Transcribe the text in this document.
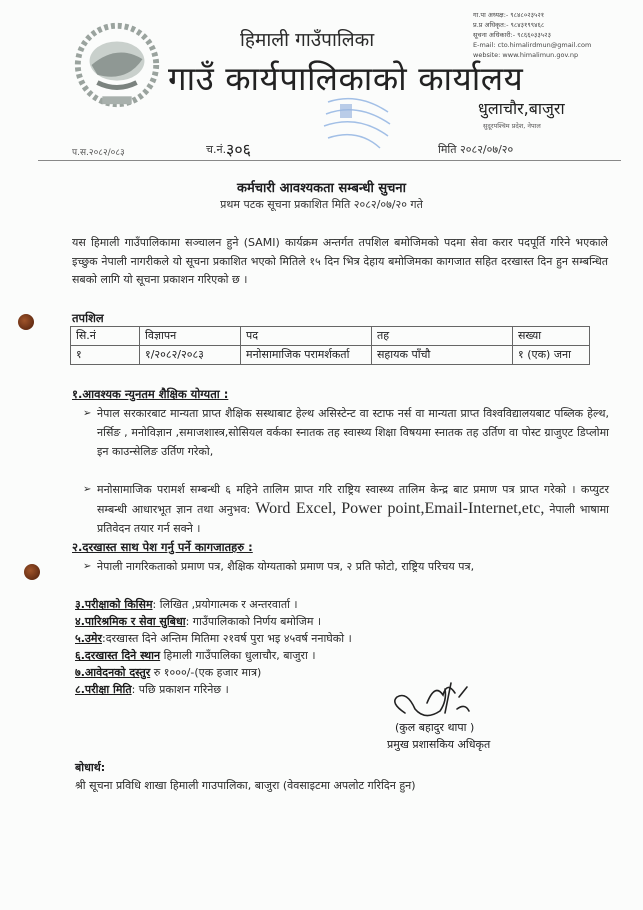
हिमाली गाउँपालिका
गाउँ कार्यपालिकाको कार्यालय
गा.पा अध्यक्ष:- ९८४८०२३५२१
प्र.प्र अधिकृत:- ९८४३१९९४६८
सूचना अधिकारी:- ९८६६०३३५२३
E-mail: cto.himalirdmun@gmail.com
website: www.himalimun.gov.np
धुलाचौर,बाजुरा
सुदूरपश्चिम प्रदेश, नेपाल
प.स.२०८२/०८३	च.नं. ३०६	मिति २०८२/०७/२०
कर्मचारी आवश्यकता सम्बन्धी सुचना
प्रथम पटक सूचना प्रकाशित मिति २०८२/०७/२० गते
यस हिमाली गाउँपालिकामा सञ्चालन हुने (SAMI) कार्यक्रम अन्तर्गत तपशिल बमोजिमको पदमा सेवा करार पदपूर्ति गरिने भएकाले इच्छुक नेपाली नागरीकले यो सूचना प्रकाशित भएको मितिले १५ दिन भित्र देहाय बमोजिमका कागजात सहित दरखास्त दिन हुन सम्बन्धित सबको लागि यो सूचना प्रकाशन गरिएको छ ।
तपशिल
सि.नं	विज्ञापन	पद	तह	सख्या
१	१/२०८२/२०८३	मनोसामाजिक परामर्शकर्ता	सहायक पाँचौ	१ (एक) जना
१.आवश्यक न्युनतम शैक्षिक योग्यता :
➢ नेपाल सरकारबाट मान्यता प्राप्त शैक्षिक सस्थाबाट हेल्थ असिस्टेन्ट वा स्टाफ नर्स वा मान्यता प्राप्त विश्वविद्यालयबाट पब्लिक हेल्थ, नर्सिङ , मनोविज्ञान ,समाजशास्त्र,सोसियल वर्कका स्नातक तह स्वास्थ्य शिक्षा विषयमा स्नातक तह उर्तिण वा पोस्ट ग्राजुएट डिप्लोमा इन काउन्सेलिङ उर्तिण गरेको,
➢ मनोसामाजिक परामर्श सम्बन्धी ६ महिने तालिम प्राप्त गरि राष्ट्रिय स्वास्थ्य तालिम केन्द्र बाट प्रमाण पत्र प्राप्त गरेको । कप्युटर सम्बन्धी आधारभूत ज्ञान तथा अनुभव: Word Excel, Power point,Email-Internet,etc, नेपाली भाषामा प्रतिवेदन तयार गर्न सक्ने ।
२.दरखास्त साथ पेश गर्नु पर्ने कागजातहरु :
➢ नेपाली नागरिकताको प्रमाण पत्र, शैक्षिक योग्यताको प्रमाण पत्र, २ प्रति फोटो, राष्ट्रिय परिचय पत्र,
३.परीक्षाको किसिम: लिखित ,प्रयोगात्मक र अन्तरवार्ता ।
४.पारिश्रमिक र सेवा सुबिधा: गाउँपालिकाको निर्णय बमोजिम ।
५.उमेर:दरखास्त दिने अन्तिम मितिमा २१वर्ष पुरा भइ ४५वर्ष ननाघेको ।
६.दरखास्त दिने स्थान हिमाली गाउँपालिका धुलाचौर, बाजुरा ।
७.आवेदनको दस्तुर रु १०००/-(एक हजार मात्र)
८.परीक्षा मिति: पछि प्रकाशन गरिनेछ ।
(कुल बहादुर थापा )
प्रमुख प्रशासकिय अधिकृत
बोधार्थ:
श्री सूचना प्रविधि शाखा हिमाली गाउपालिका, बाजुरा (वेवसाइटमा अपलोट गरिदिन हुन)
